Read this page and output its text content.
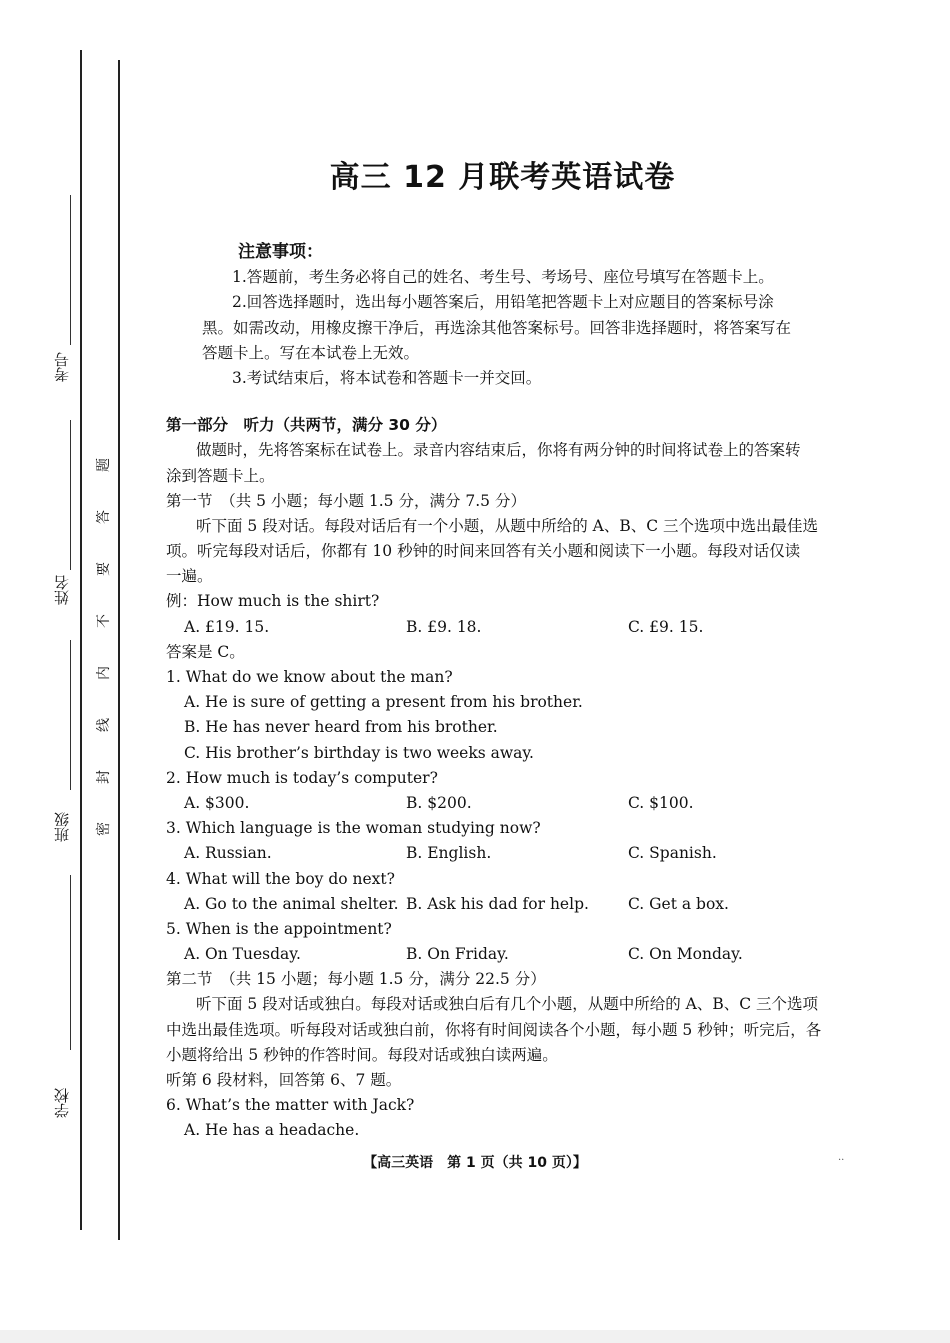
考号
姓名
班级
学校
题
答
要
不
内
线
封
密
高三 12 月联考英语试卷
注意事项：
1.答题前，考生务必将自己的姓名、考生号、考场号、座位号填写在答题卡上。
2.回答选择题时，选出每小题答案后，用铅笔把答题卡上对应题目的答案标号涂
黑。如需改动，用橡皮擦干净后，再选涂其他答案标号。回答非选择题时，将答案写在
答题卡上。写在本试卷上无效。
3.考试结束后，将本试卷和答题卡一并交回。
第一部分　听力（共两节，满分 30 分）
做题时，先将答案标在试卷上。录音内容结束后，你将有两分钟的时间将试卷上的答案转
涂到答题卡上。
第一节　（共 5 小题；每小题 1.5 分，满分 7.5 分）
听下面 5 段对话。每段对话后有一个小题，从题中所给的 A、B、C 三个选项中选出最佳选
项。听完每段对话后，你都有 10 秒钟的时间来回答有关小题和阅读下一小题。每段对话仅读
一遍。
例：How much is the shirt?
A. £19. 15.	B. £9. 18.	C. £9. 15.
答案是 C。
1. What do we know about the man?
A. He is sure of getting a present from his brother.
B. He has never heard from his brother.
C. His brother’s birthday is two weeks away.
2. How much is today’s computer?
A. $300.	B. $200.	C. $100.
3. Which language is the woman studying now?
A. Russian.	B. English.	C. Spanish.
4. What will the boy do next?
A. Go to the animal shelter. B. Ask his dad for help.	C. Get a box.
5. When is the appointment?
A. On Tuesday.	B. On Friday.	C. On Monday.
第二节　（共 15 小题；每小题 1.5 分，满分 22.5 分）
听下面 5 段对话或独白。每段对话或独白后有几个小题，从题中所给的 A、B、C 三个选项
中选出最佳选项。听每段对话或独白前，你将有时间阅读各个小题，每小题 5 秒钟；听完后，各
小题将给出 5 秒钟的作答时间。每段对话或独白读两遍。
听第 6 段材料，回答第 6、7 题。
6. What’s the matter with Jack?
A. He has a headache.
【高三英语　第 1 页（共 10 页）】	..
